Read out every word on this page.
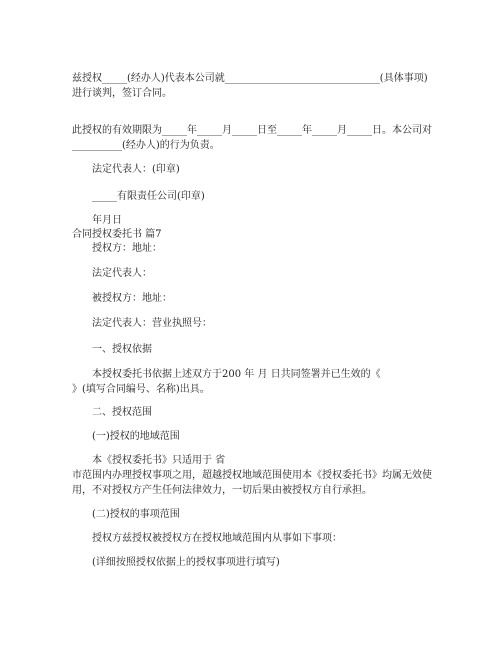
兹授权_____(经办人)代表本公司就_______________________________(具体事项)
进行谈判，签订合同。
此授权的有效期限为_____年_____月_____日至_____年_____月_____日。本公司对
__________(经办人)的行为负责。
法定代表人：(印章)
_____有限责任公司(印章)
年月日
合同授权委托书 篇7
授权方：地址：
法定代表人：
被授权方：地址：
法定代表人：营业执照号：
一、授权依据
本授权委托书依据上述双方于200 年 月 日共同签署并已生效的《
》(填写合同编号、名称)出具。
二、授权范围
(一)授权的地域范围
本《授权委托书》只适用于 省
市范围内办理授权事项之用，超越授权地域范围使用本《授权委托书》均属无效使
用，不对授权方产生任何法律效力，一切后果由被授权方自行承担。
(二)授权的事项范围
授权方兹授权被授权方在授权地域范围内从事如下事项：
(详细按照授权依据上的授权事项进行填写)
